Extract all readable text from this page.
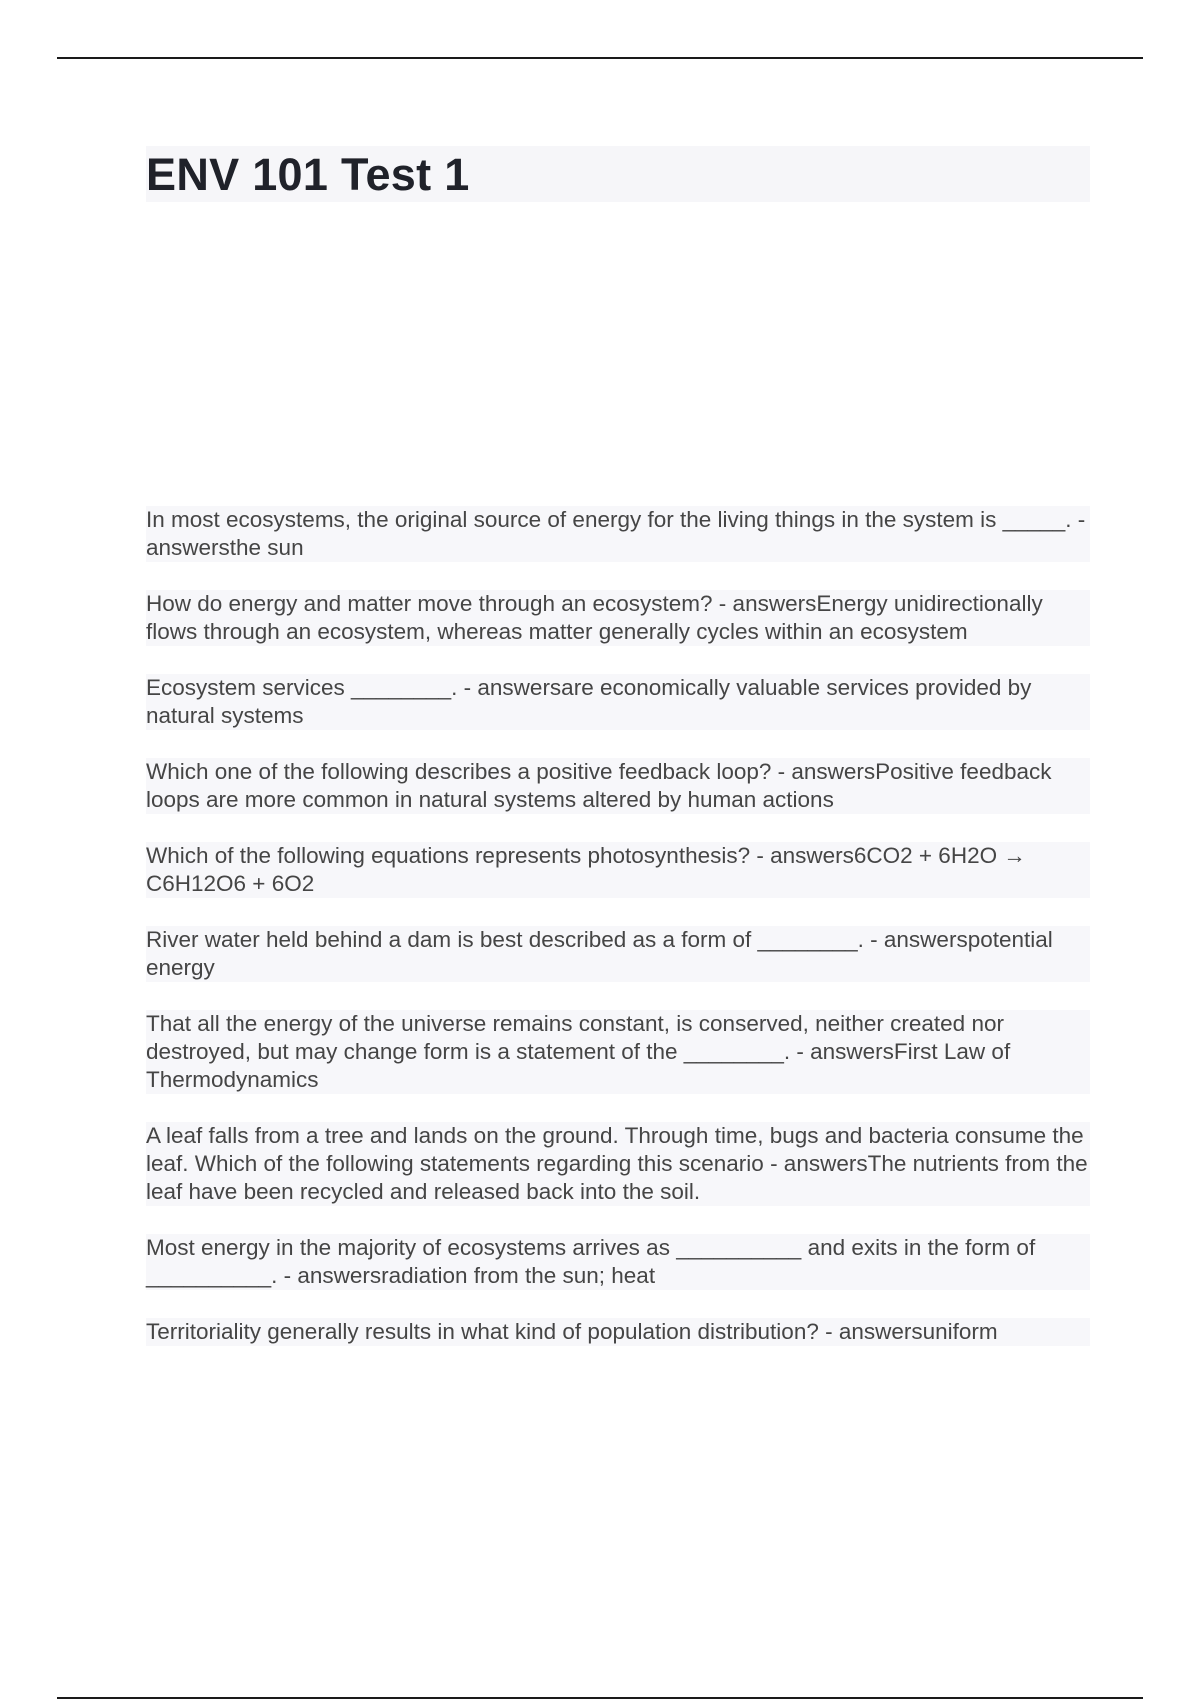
ENV 101 Test 1

In most ecosystems, the original source of energy for the living things in the system is _____. - answersthe sun

How do energy and matter move through an ecosystem? - answersEnergy unidirectionally flows through an ecosystem, whereas matter generally cycles within an ecosystem

Ecosystem services ________. - answersare economically valuable services provided by natural systems

Which one of the following describes a positive feedback loop? - answersPositive feedback loops are more common in natural systems altered by human actions

Which of the following equations represents photosynthesis? - answers6CO2 + 6H2O → C6H12O6 + 6O2

River water held behind a dam is best described as a form of ________. - answerspotential energy

That all the energy of the universe remains constant, is conserved, neither created nor destroyed, but may change form is a statement of the ________. - answersFirst Law of Thermodynamics

A leaf falls from a tree and lands on the ground. Through time, bugs and bacteria consume the leaf. Which of the following statements regarding this scenario - answersThe nutrients from the leaf have been recycled and released back into the soil.

Most energy in the majority of ecosystems arrives as __________ and exits in the form of __________. - answersradiation from the sun; heat

Territoriality generally results in what kind of population distribution? - answersuniform
